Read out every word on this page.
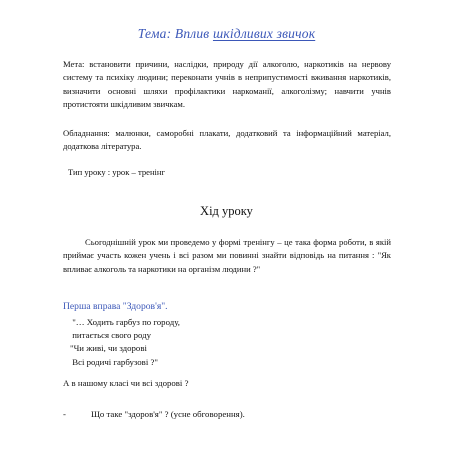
Тема: Вплив шкідливих звичок
Мета: встановити причини, наслідки, природу дії алкоголю, наркотиків на нервову систему та психіку людини; переконати учнів в неприпустимості вживання наркотиків, визначити основні шляхи профілактики наркоманії, алкоголізму; навчити учнів протистояти шкідливим звичкам.
Обладнання: малюнки, саморобні плакати, додатковий та інформаційний матеріал, додаткова література.
Тип уроку : урок – тренінг
Хід уроку
Сьогоднішній урок ми проведемо у формі тренінгу – це така форма роботи, в якій приймає участь кожен учень і всі разом ми повинні знайти відповідь на питання : "Як впливає алкоголь та наркотики на організм людини ?"
Перша вправа "Здоров'я".
"… Ходить гарбуз по городу,
питається свого роду
"Чи живі, чи здорові
Всі родичі гарбузові ?"
А в нашому класі чи всі здорові ?
-	Що таке "здоров'я" ? (усне обговорення).
